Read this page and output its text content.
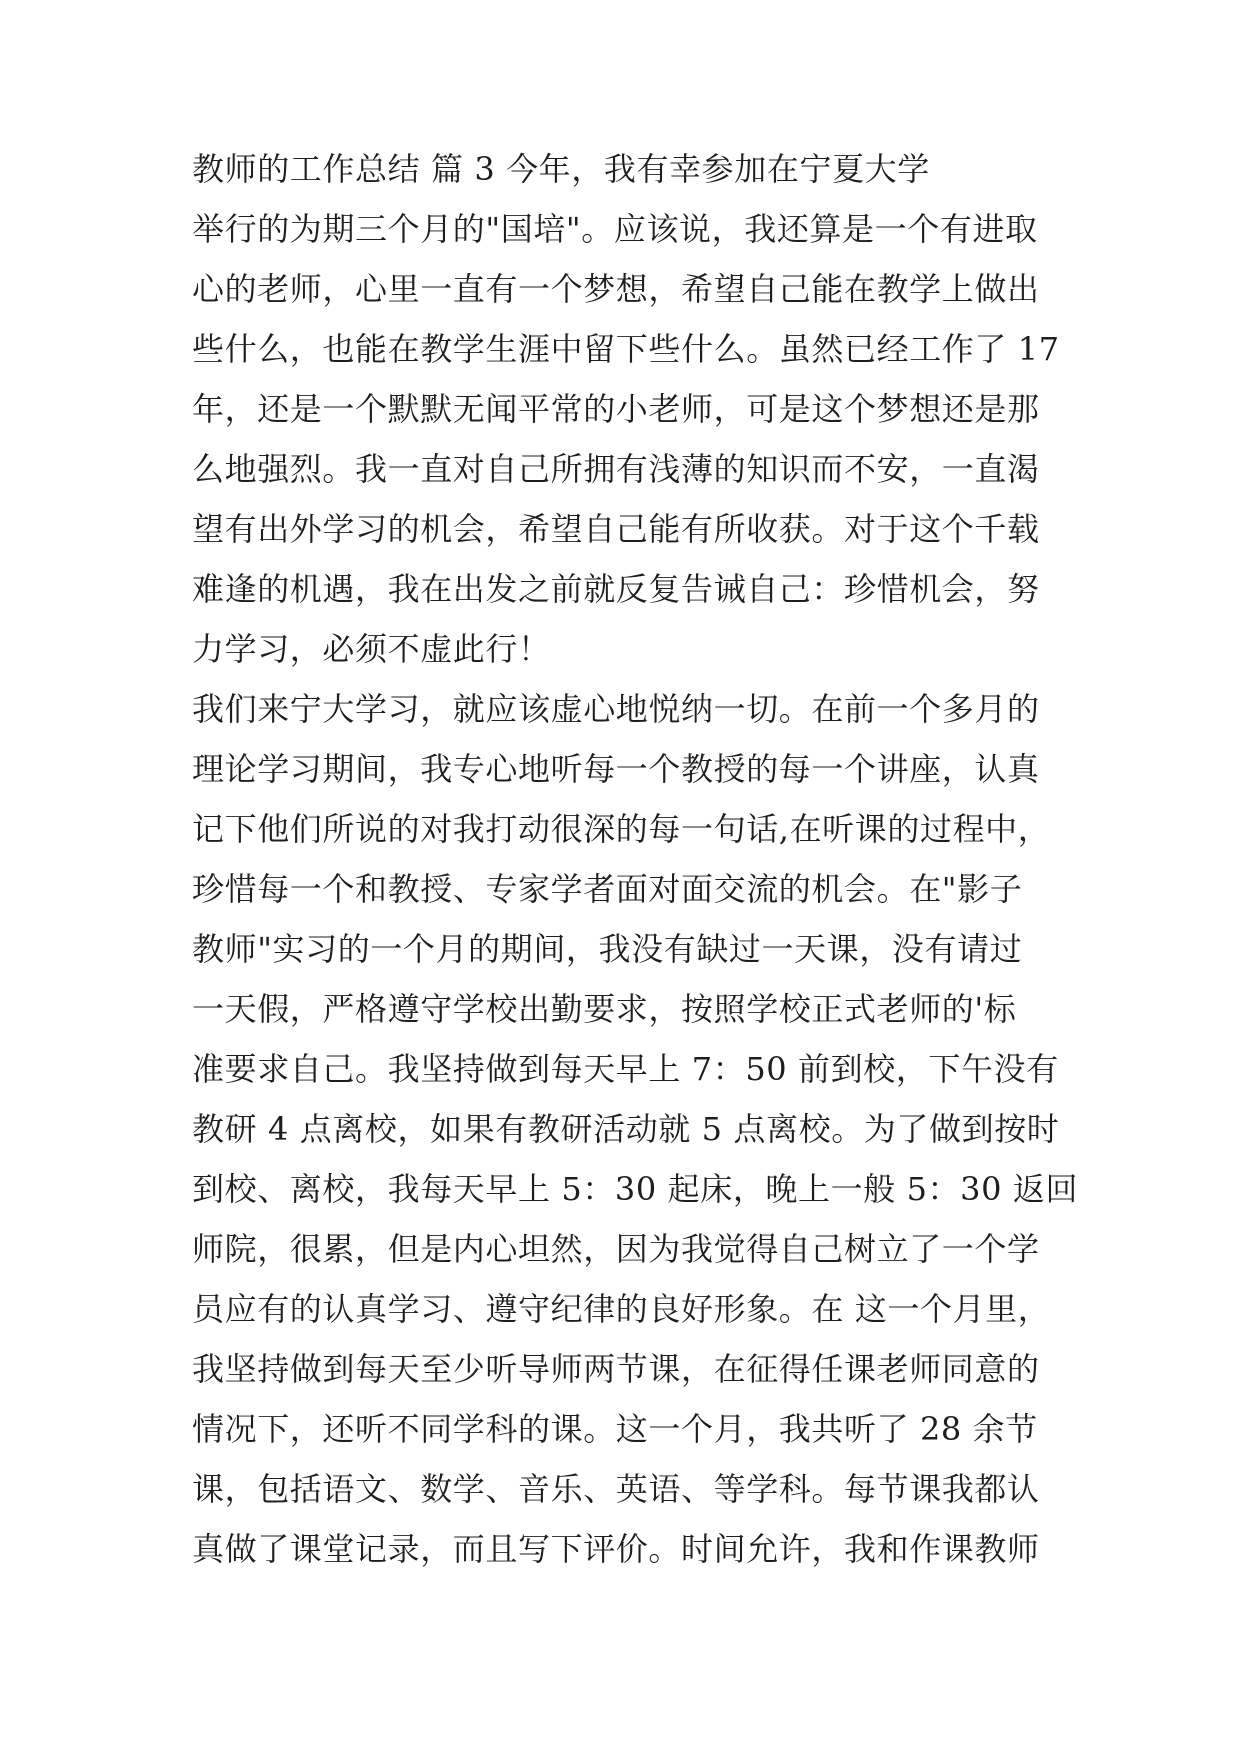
教师的工作总结 篇 3 今年，我有幸参加在宁夏大学
举行的为期三个月的"国培"。应该说，我还算是一个有进取
心的老师，心里一直有一个梦想，希望自己能在教学上做出
些什么，也能在教学生涯中留下些什么。虽然已经工作了 17
年，还是一个默默无闻平常的小老师，可是这个梦想还是那
么地强烈。我一直对自己所拥有浅薄的知识而不安，一直渴
望有出外学习的机会，希望自己能有所收获。对于这个千载
难逢的机遇，我在出发之前就反复告诫自己：珍惜机会，努
力学习，必须不虚此行！
我们来宁大学习，就应该虚心地悦纳一切。在前一个多月的
理论学习期间，我专心地听每一个教授的每一个讲座，认真
记下他们所说的对我打动很深的每一句话,在听课的过程中，
珍惜每一个和教授、专家学者面对面交流的机会。在"影子
教师"实习的一个月的期间，我没有缺过一天课，没有请过
一天假，严格遵守学校出勤要求，按照学校正式老师的'标
准要求自己。我坚持做到每天早上 7：50 前到校，下午没有
教研 4 点离校，如果有教研活动就 5 点离校。为了做到按时
到校、离校，我每天早上 5：30 起床，晚上一般 5：30 返回
师院，很累，但是内心坦然，因为我觉得自己树立了一个学
员应有的认真学习、遵守纪律的良好形象。在 这一个月里，
我坚持做到每天至少听导师两节课，在征得任课老师同意的
情况下，还听不同学科的课。这一个月，我共听了 28 余节
课，包括语文、数学、音乐、英语、等学科。每节课我都认
真做了课堂记录，而且写下评价。时间允许，我和作课教师
